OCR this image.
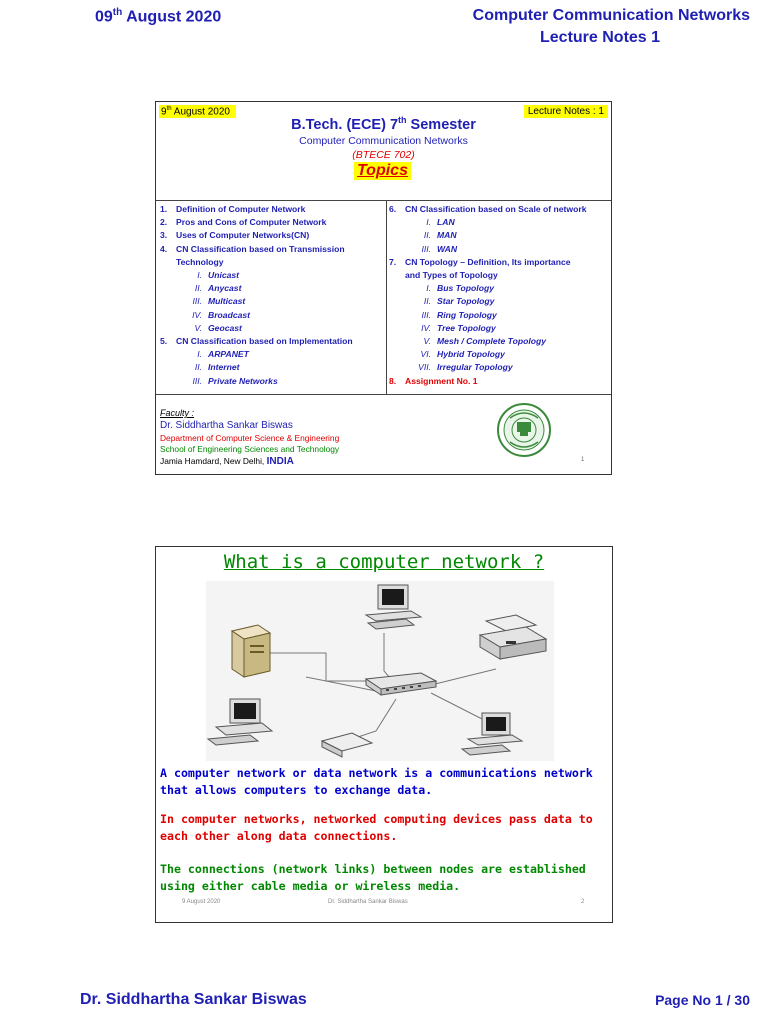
09th August 2020	Computer Communication Networks
Lecture Notes 1
9th August 2020	Lecture Notes : 1
B.Tech. (ECE) 7th Semester
Computer Communication Networks
(BTECE 702)
Topics
1. Definition of Computer Network
2. Pros and Cons of Computer Network
3. Uses of Computer Networks(CN)
4. CN Classification based on Transmission
Technology
I. Unicast
II. Anycast
III. Multicast
IV. Broadcast
V. Geocast
5. CN Classification based on Implementation
I. ARPANET
II. Internet
III. Private Networks
6. CN Classification based on Scale of network
I. LAN
II. MAN
III. WAN
7. CN Topology – Definition, Its importance
and Types of Topology
I. Bus Topology
II. Star Topology
III. Ring Topology
IV. Tree Topology
V. Mesh / Complete Topology
VI. Hybrid Topology
VII. Irregular Topology
8. Assignment No. 1
Faculty :
Dr. Siddhartha Sankar Biswas
Department of Computer Science & Engineering
School of Engineering Sciences and Technology
Jamia Hamdard, New Delhi, INDIA	1
What is a computer network ?
A computer network or data network is a communications network that allows computers to exchange data.
In computer networks, networked computing devices pass data to each other along data connections.
The connections (network links) between nodes are established using either cable media or wireless media.
9 August 2020	Dr. Siddhartha Sankar Biswas	2
Dr. Siddhartha Sankar Biswas	Page No 1 / 30
